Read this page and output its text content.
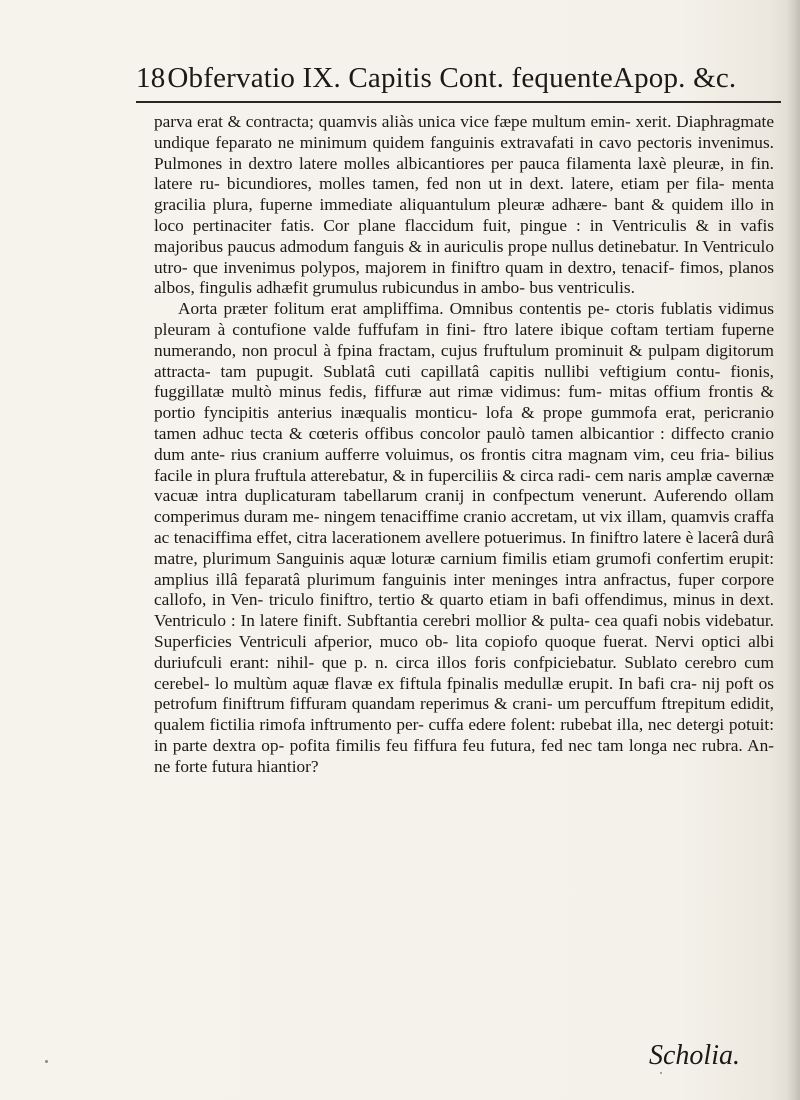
18Obfervatio IX. Capitis Cont. fequenteApop. &c.

parva erat & contracta; quamvis aliàs unica vice fæpe multum emin- xerit. Diaphragmate undique feparato ne minimum quidem fanguinis extravafati in cavo pectoris invenimus. Pulmones in dextro latere molles albicantiores per pauca filamenta laxè pleuræ, in fin. latere ru- bicundiores, molles tamen, fed non ut in dext. latere, etiam per fila- menta gracilia plura, fuperne immediate aliquantulum pleuræ adhære- bant & quidem illo in loco pertinaciter fatis. Cor plane flaccidum fuit, pingue : in Ventriculis & in vafis majoribus paucus admodum fanguis & in auriculis prope nullus detinebatur. In Ventriculo utro- que invenimus polypos, majorem in finiftro quam in dextro, tenacif- fimos, planos albos, fingulis adhæfit grumulus rubicundus in ambo- bus ventriculis.

Aorta præter folitum erat ampliffima. Omnibus contentis pe- ctoris fublatis vidimus pleuram à contufione valde fuffufam in fini- ftro latere ibique coftam tertiam fuperne numerando, non procul à fpina fractam, cujus fruftulum prominuit & pulpam digitorum attracta- tam pupugit. Sublatâ cuti capillatâ capitis nullibi veftigium contu- fionis, fuggillatæ multò minus fedis, fiffuræ aut rimæ vidimus: fum- mitas offium frontis & portio fyncipitis anterius inæqualis monticu- lofa & prope gummofa erat, pericranio tamen adhuc tecta & cœteris offibus concolor paulò tamen albicantior : diffecto cranio dum ante- rius cranium aufferre voluimus, os frontis citra magnam vim, ceu fria- bilius facile in plura fruftula atterebatur, & in fuperciliis & circa radi- cem naris amplæ cavernæ vacuæ intra duplicaturam tabellarum cranij in confpectum venerunt. Auferendo ollam comperimus duram me- ningem tenaciffime cranio accretam, ut vix illam, quamvis craffa ac tenaciffima effet, citra lacerationem avellere potuerimus. In finiftro latere è lacerâ durâ matre, plurimum Sanguinis aquæ loturæ carnium fimilis etiam grumofi confertim erupit: amplius illâ feparatâ plurimum fanguinis inter meninges intra anfractus, fuper corpore callofo, in Ven- triculo finiftro, tertio & quarto etiam in bafi offendimus, minus in dext. Ventriculo : In latere finift. Subftantia cerebri mollior & pulta- cea quafi nobis videbatur. Superficies Ventriculi afperior, muco ob- lita copiofo quoque fuerat. Nervi optici albi duriufculi erant: nihil- que p. n. circa illos foris confpiciebatur. Sublato cerebro cum cerebel- lo multùm aquæ flavæ ex fiftula fpinalis medullæ erupit. In bafi cra- nij poft os petrofum finiftrum fiffuram quandam reperimus & crani- um percuffum ftrepitum edidit, qualem fictilia rimofa inftrumento per- cuffa edere folent: rubebat illa, nec detergi potuit: in parte dextra op- pofita fimilis feu fiffura feu futura, fed nec tam longa nec rubra. An- ne forte futura hiantior?

Scholia.
